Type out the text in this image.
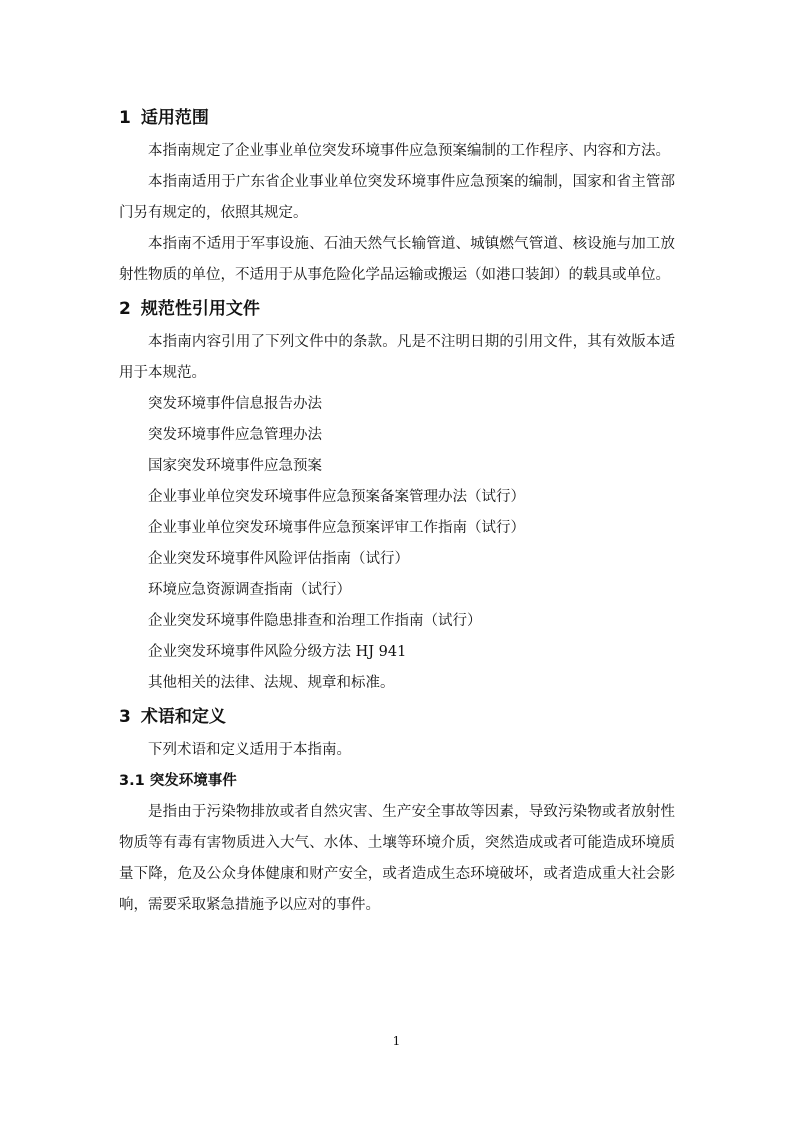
1 适用范围

本指南规定了企业事业单位突发环境事件应急预案编制的工作程序、内容和方法。

本指南适用于广东省企业事业单位突发环境事件应急预案的编制，国家和省主管部门另有规定的，依照其规定。

本指南不适用于军事设施、石油天然气长输管道、城镇燃气管道、核设施与加工放射性物质的单位，不适用于从事危险化学品运输或搬运（如港口装卸）的载具或单位。

2 规范性引用文件

本指南内容引用了下列文件中的条款。凡是不注明日期的引用文件，其有效版本适用于本规范。

突发环境事件信息报告办法

突发环境事件应急管理办法

国家突发环境事件应急预案

企业事业单位突发环境事件应急预案备案管理办法（试行）

企业事业单位突发环境事件应急预案评审工作指南（试行）

企业突发环境事件风险评估指南（试行）

环境应急资源调查指南（试行）

企业突发环境事件隐患排查和治理工作指南（试行）

企业突发环境事件风险分级方法 HJ 941

其他相关的法律、法规、规章和标准。

3 术语和定义

下列术语和定义适用于本指南。

3.1 突发环境事件

是指由于污染物排放或者自然灾害、生产安全事故等因素，导致污染物或者放射性物质等有毒有害物质进入大气、水体、土壤等环境介质，突然造成或者可能造成环境质量下降，危及公众身体健康和财产安全，或者造成生态环境破坏，或者造成重大社会影响，需要采取紧急措施予以应对的事件。

1
